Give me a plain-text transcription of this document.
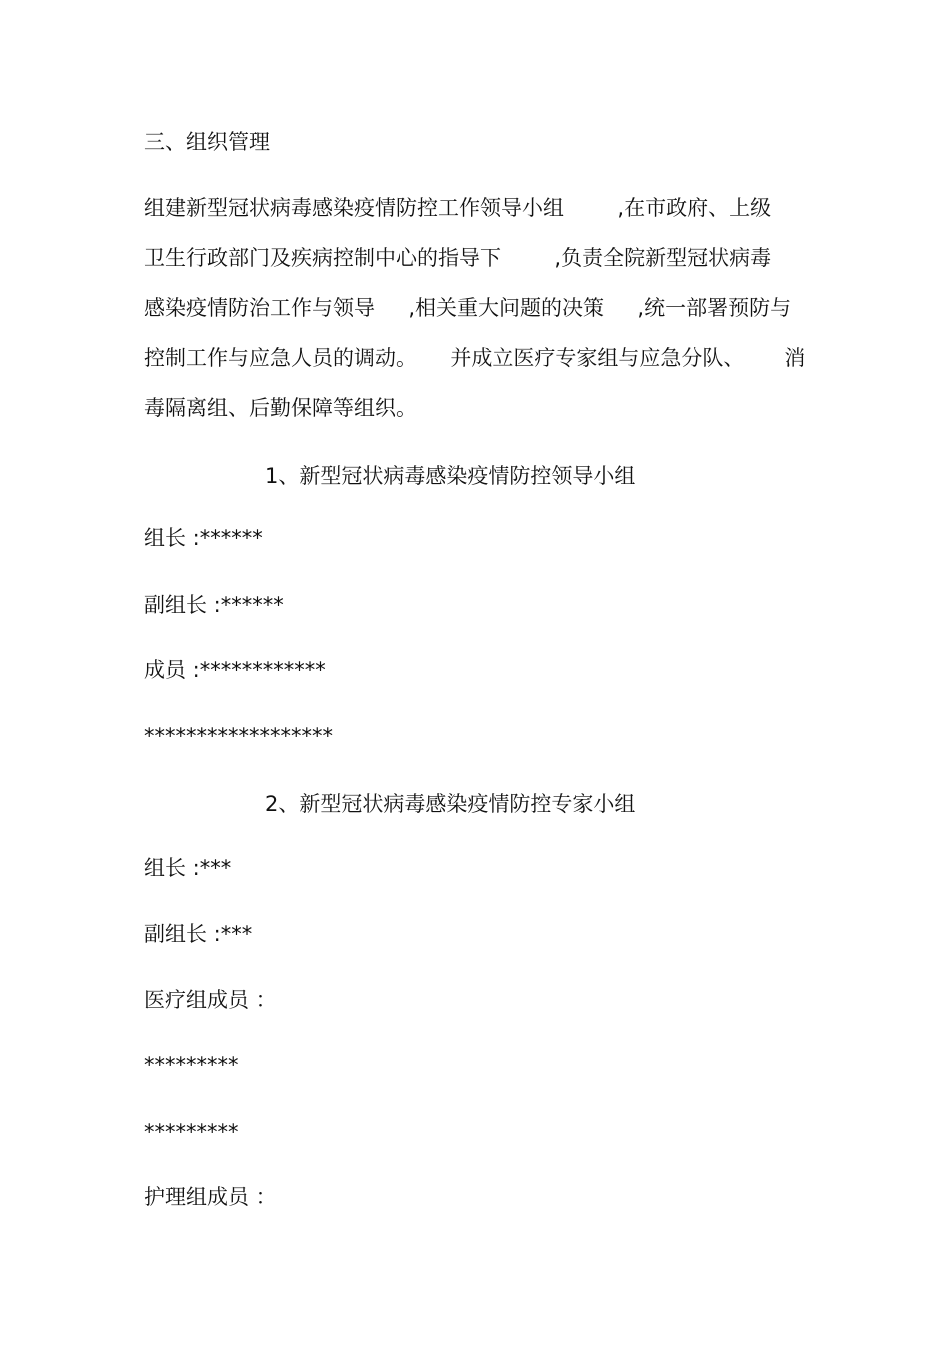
三、组织管理
组建新型冠状病毒感染疫情防控工作领导小组        ,在市政府、上级
卫生行政部门及疾病控制中心的指导下        ,负责全院新型冠状病毒
感染疫情防治工作与领导     ,相关重大问题的决策     ,统一部署预防与
控制工作与应急人员的调动。     并成立医疗专家组与应急分队、      消
毒隔离组、后勤保障等组织。
1、新型冠状病毒感染疫情防控领导小组
组长 :******
副组长 :******
成员 :************
******************
2、新型冠状病毒感染疫情防控专家小组
组长 :***
副组长 :***
医疗组成员 ：
*********
*********
护理组成员 ：
